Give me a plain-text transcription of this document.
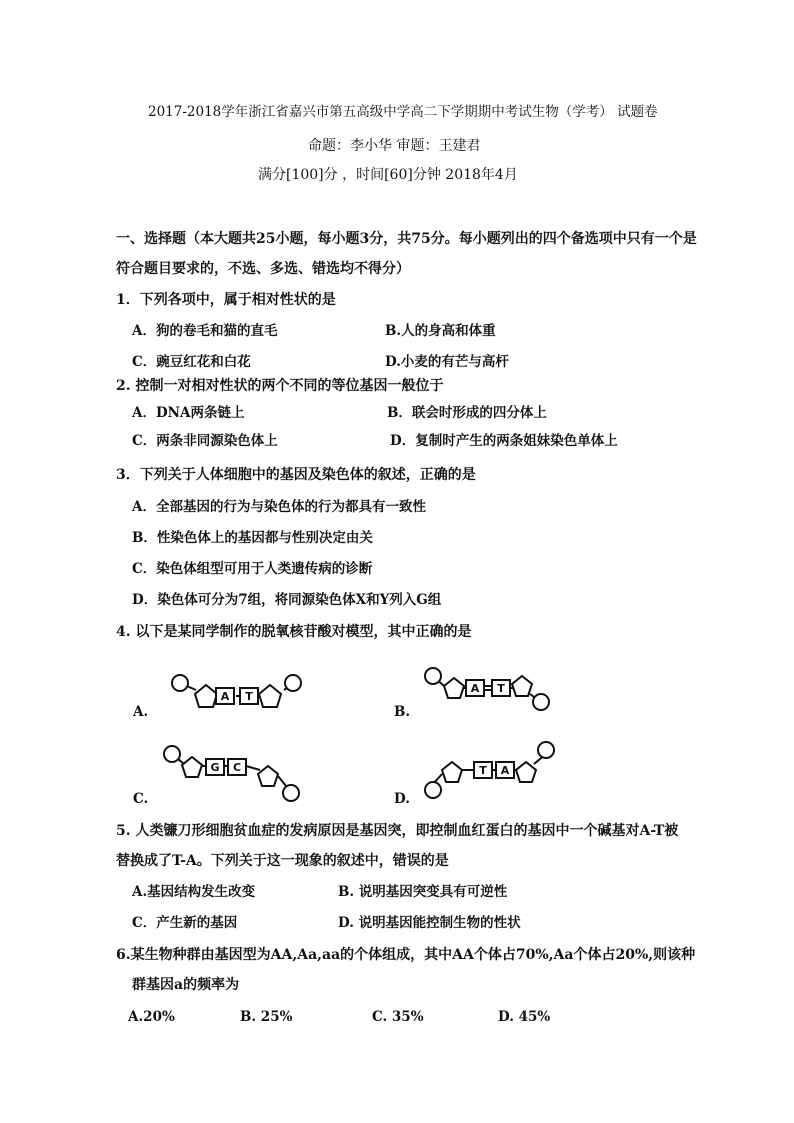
2017-2018学年浙江省嘉兴市第五高级中学高二下学期期中考试生物（学考） 试题卷
命题：李小华 审题：王建君
满分[100]分 ，时间[60]分钟 2018年4月
一、选择题（本大题共25小题，每小题3分，共75分。每小题列出的四个备选项中只有一个是
符合题目要求的，不选、多选、错选均不得分）
1．下列各项中，属于相对性状的是
A．狗的卷毛和猫的直毛	B.人的身高和体重
C．豌豆红花和白花	D.小麦的有芒与高杆
2. 控制一对相对性状的两个不同的等位基因一般位于
A．DNA两条链上	B．联会时形成的四分体上
C．两条非同源染色体上	D．复制时产生的两条姐妹染色单体上
3．下列关于人体细胞中的基因及染色体的叙述，正确的是
A．全部基因的行为与染色体的行为都具有一致性
B．性染色体上的基因都与性别决定由关
C．染色体组型可用于人类遗传病的诊断
D．染色体可分为7组，将同源染色体X和Y列入G组
4. 以下是某同学制作的脱氧核苷酸对模型，其中正确的是
A T
A.
A T
B.
G C
C.
T A
D.
5. 人类镰刀形细胞贫血症的发病原因是基因突，即控制血红蛋白的基因中一个碱基对A-T被
替换成了T-A。下列关于这一现象的叙述中，错误的是
A.基因结构发生改变	B. 说明基因突变具有可逆性
C．产生新的基因	D. 说明基因能控制生物的性状
6.某生物种群由基因型为AA,Aa,aa的个体组成，其中AA个体占70%,Aa个体占20%,则该种
群基因a的频率为
A.20%	B. 25%	C. 35%	D. 45%
